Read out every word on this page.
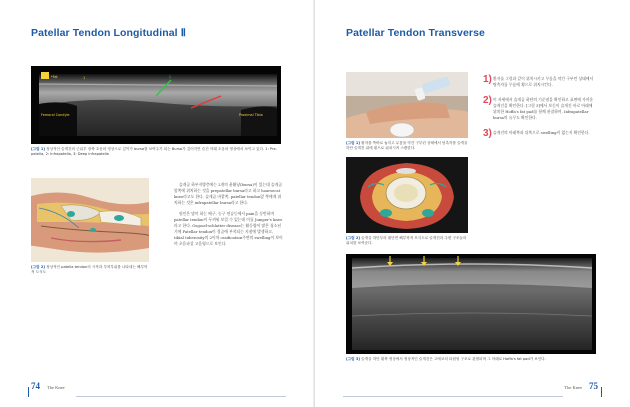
Patellar Tendon Longitudinal Ⅱ
*Fat	1	2
Femoral Condyle	Proximal Tibia
[그림 1] 정상적인 슬개건의 근위부 장축 초음파 영상으로 깊이가 bursa를 보여주기 되는 Bursa가 깊어지면 슬건 아래 초음파 영상에서 보이고 있다. 1: Pre-patella, 2: Infrapatella, 3: Deep infrapatella
[그림 2] 정상적인 patella tendon의 시작과 부착부위를 나타내는 해부학적 도식도

슬개골 하부지방층에는 2개의 윤활낭(bursa)이 있는데 슬개골 앞쪽에 위치하는 것을 prepatellar bursa라고 하고 hoarsecat knee라고도 한다. 슬개골 바깥쪽, patellar tendon앞 쪽에게 위치하는 것은 infrapatellar bursa라고 한다.

원인은 많이 하는 배구, 농구 연습등에서 pain을 동반하며 patellar tendon이 두꺼워 보일 수 있는데 이를 Jumper's knee라고 한다. Osgood-schlatter disease는 활동량이 많은 청소년기에 Patellar tendon이 경골에 부착되는 지점에 발생하고, tibial tuberosity의 2이차 ossification주변의 swelling이 보이며 초음파상 고음영으로 보인다.

74 The Knee
Patellar Tendon Transverse
[그림 1] 환자를 똑바로 눕히고 무릎을 약간 구부린 상태에서 탐촉자를 슬개골 하단 슬개건 위에 횡으로 위치시켜 스캔한다.
[그림 2] 슬개골 하단부의 횡단면 해부학적 모식도로 슬개건과 주변 구조들의 위치를 보여준다.
[그림 3] 슬개골 하단 횡축 영상에서 정상적인 슬개건은 고에코의 타원형 구조로 관찰되며 그 아래로 Hoffa's fat pad가 보인다.
1) 환자를 그림과 같이 위치시키고 무릎을 약간 구부린 상태에서 탐촉자를 무릎에 횡으로 위치시킨다.
2) 이 자세에서 슬개골 하단의 기준점을 확인하고 표면에 가까운 슬개건을 확인한다. [그림 3]에서 보듯이 슬개건 바로 아래에 위치한 Hoffa's fat pad를 함께 관찰하며, Infrapatellar bursa의 유무도 확인한다.
3) 슬개건의 아래쪽과 뒤쪽으로 swelling이 없는지 확인한다.
The Knee 75
